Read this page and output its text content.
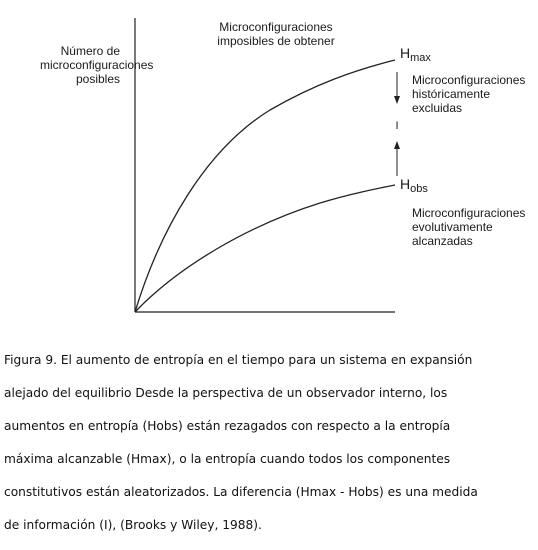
I
Número de
microconfiguraciones
posibles
Microconfiguraciones
imposibles de obtener
$H_{max}$
$H_{obs}$
Microconfiguraciones
históricamente
excluidas
Microconfiguraciones
evolutivamente
alcanzadas

Figura 9. El aumento de entropía en el tiempo para un sistema en expansión

alejado del equilibrio Desde la perspectiva de un observador interno, los

aumentos en entropía (Hobs) están rezagados con respecto a la entropía

máxima alcanzable (Hmax), o la entropía cuando todos los componentes

constitutivos están aleatorizados. La diferencia (Hmax - Hobs) es una medida

de información (I), (Brooks y Wiley, 1988).
